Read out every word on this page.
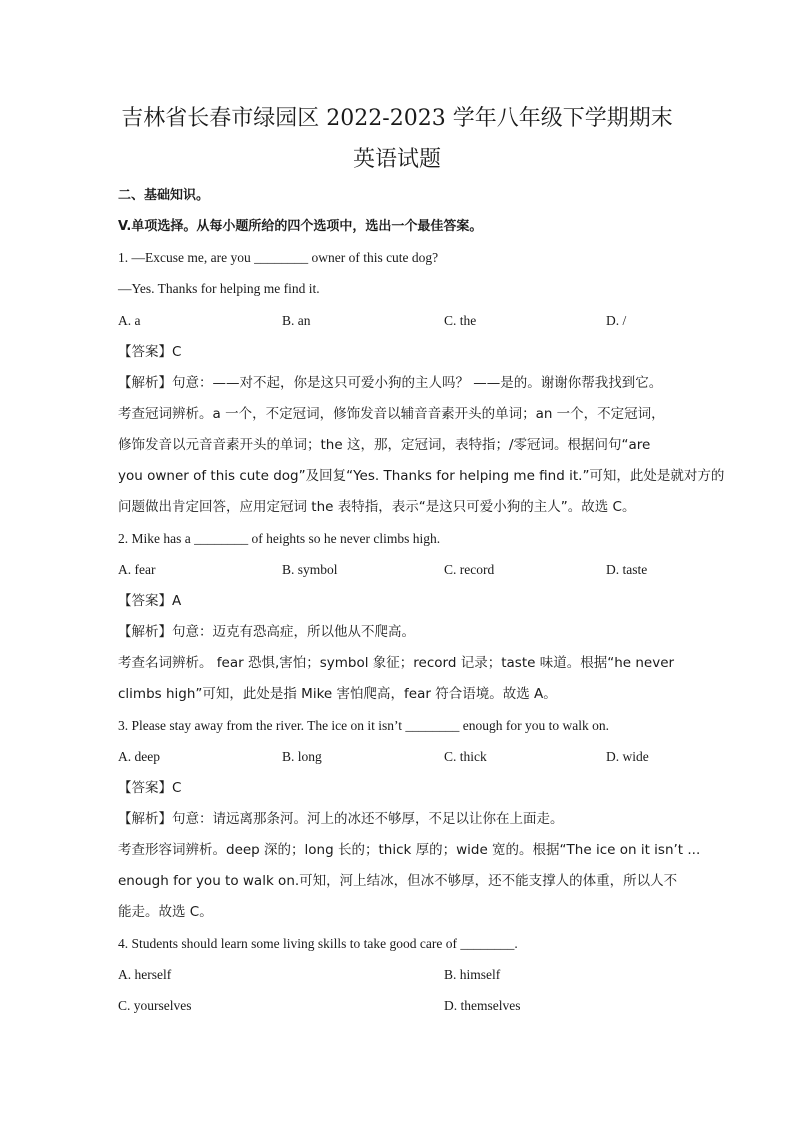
吉林省长春市绿园区 2022-2023 学年八年级下学期期末
英语试题
二、基础知识。
V.单项选择。从每小题所给的四个选项中，选出一个最佳答案。
1. —Excuse me, are you ________ owner of this cute dog?
—Yes. Thanks for helping me find it.
A. a	B. an	C. the	D. /
【答案】C
【解析】句意：——对不起，你是这只可爱小狗的主人吗？ ——是的。谢谢你帮我找到它。
考查冠词辨析。a 一个，不定冠词，修饰发音以辅音音素开头的单词；an 一个，不定冠词，
修饰发音以元音音素开头的单词；the 这，那，定冠词，表特指；/零冠词。根据问句“are
you owner of this cute dog”及回复“Yes. Thanks for helping me find it.”可知，此处是就对方的
问题做出肯定回答，应用定冠词 the 表特指，表示“是这只可爱小狗的主人”。故选 C。
2. Mike has a ________ of heights so he never climbs high.
A. fear	B. symbol	C. record	D. taste
【答案】A
【解析】句意：迈克有恐高症，所以他从不爬高。
考查名词辨析。 fear 恐惧,害怕；symbol 象征；record 记录；taste 味道。根据“he never
climbs high”可知，此处是指 Mike 害怕爬高，fear 符合语境。故选 A。
3. Please stay away from the river. The ice on it isn’t ________ enough for you to walk on.
A. deep	B. long	C. thick	D. wide
【答案】C
【解析】句意：请远离那条河。河上的冰还不够厚，不足以让你在上面走。
考查形容词辨析。deep 深的；long 长的；thick 厚的；wide 宽的。根据“The ice on it isn’t ...
enough for you to walk on.可知，河上结冰，但冰不够厚，还不能支撑人的体重，所以人不
能走。故选 C。
4. Students should learn some living skills to take good care of ________.
A. herself	B. himself
C. yourselves	D. themselves
